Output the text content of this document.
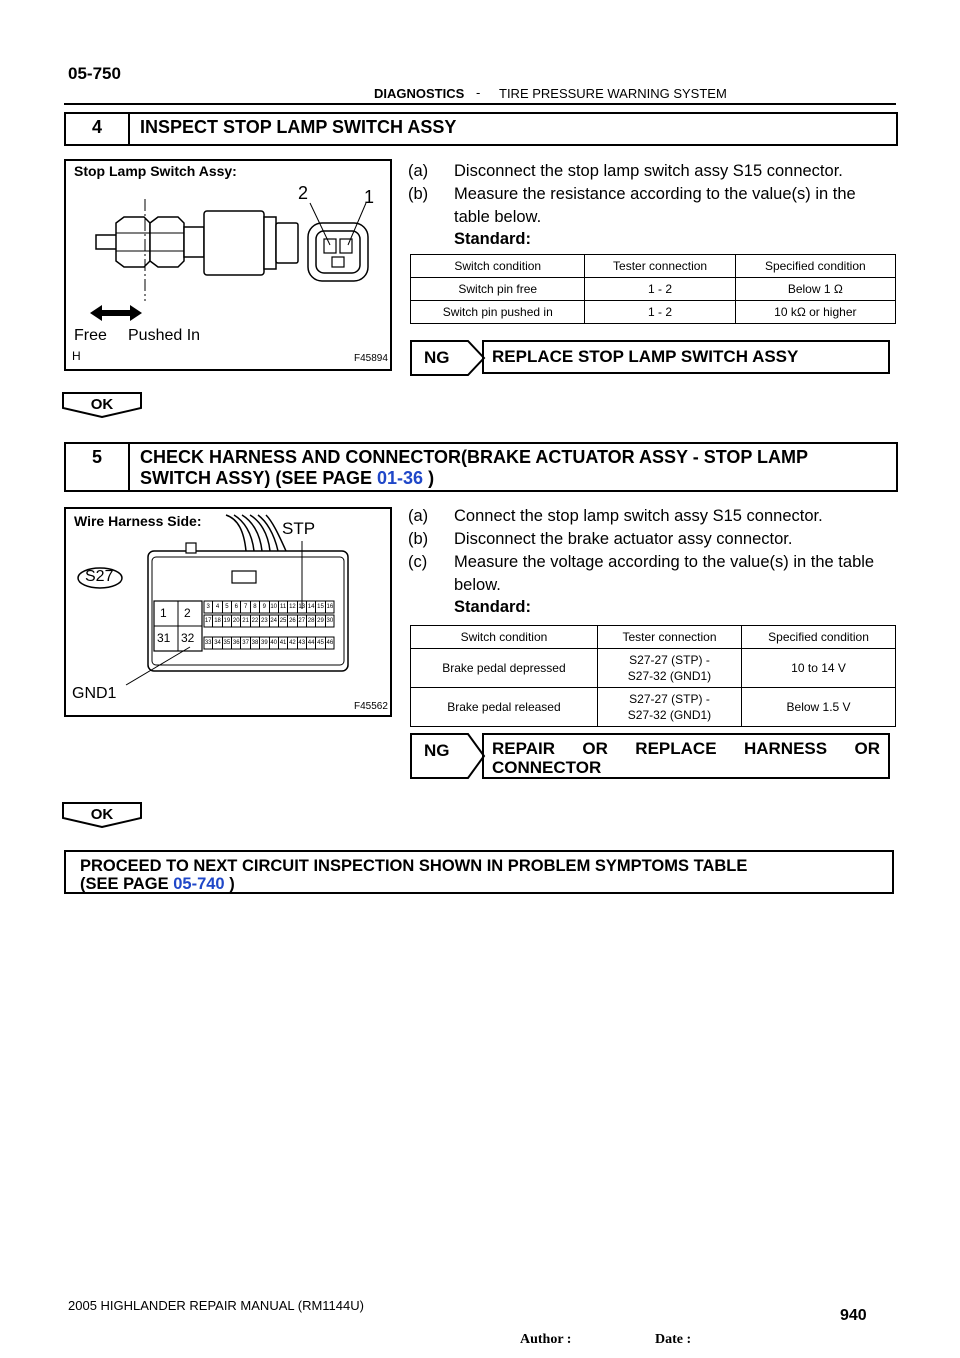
05-750
DIAGNOSTICS - TIRE PRESSURE WARNING SYSTEM
4	INSPECT STOP LAMP SWITCH ASSY
Stop Lamp Switch Assy:
2	1
Free Pushed In
H	F45894
(a) Disconnect the stop lamp switch assy S15 connector.
(b) Measure the resistance according to the value(s) in the
table below.
Standard:
Switch condition	Tester connection	Specified condition
Switch pin free	1 - 2	Below 1 Ω
Switch pin pushed in	1 - 2	10 kΩ or higher
NG	REPLACE STOP LAMP SWITCH ASSY
OK
5	CHECK HARNESS AND CONNECTOR(BRAKE ACTUATOR ASSY - STOP LAMP
SWITCH ASSY) (SEE PAGE 01-36 )
Wire Harness Side:	STP
S27
GND1
F45562
1 2
31 32
3	4	5	6	7	8	9 10 11 12 13 14 15 16
17 18 19 20 21 22 23 24 25 26 27 28 29 30
33 34 35 36 37 38 39 40 41 42 43 44 45 46
(a) Connect the stop lamp switch assy S15 connector.
(b) Disconnect the brake actuator assy connector.
(c) Measure the voltage according to the value(s) in the table
below.
Standard:
Switch condition	Tester connection	Specified condition
Brake pedal depressed	S27-27 (STP) -
S27-32 (GND1)	10 to 14 V
Brake pedal released	S27-27 (STP) -
S27-32 (GND1)	Below 1.5 V
NG	REPAIR OR REPLACE HARNESS OR
CONNECTOR
OK
PROCEED TO NEXT CIRCUIT INSPECTION SHOWN IN PROBLEM SYMPTOMS TABLE
(SEE PAGE 05-740 )
2005 HIGHLANDER REPAIR MANUAL (RM1144U)
940
Author :	Date :
